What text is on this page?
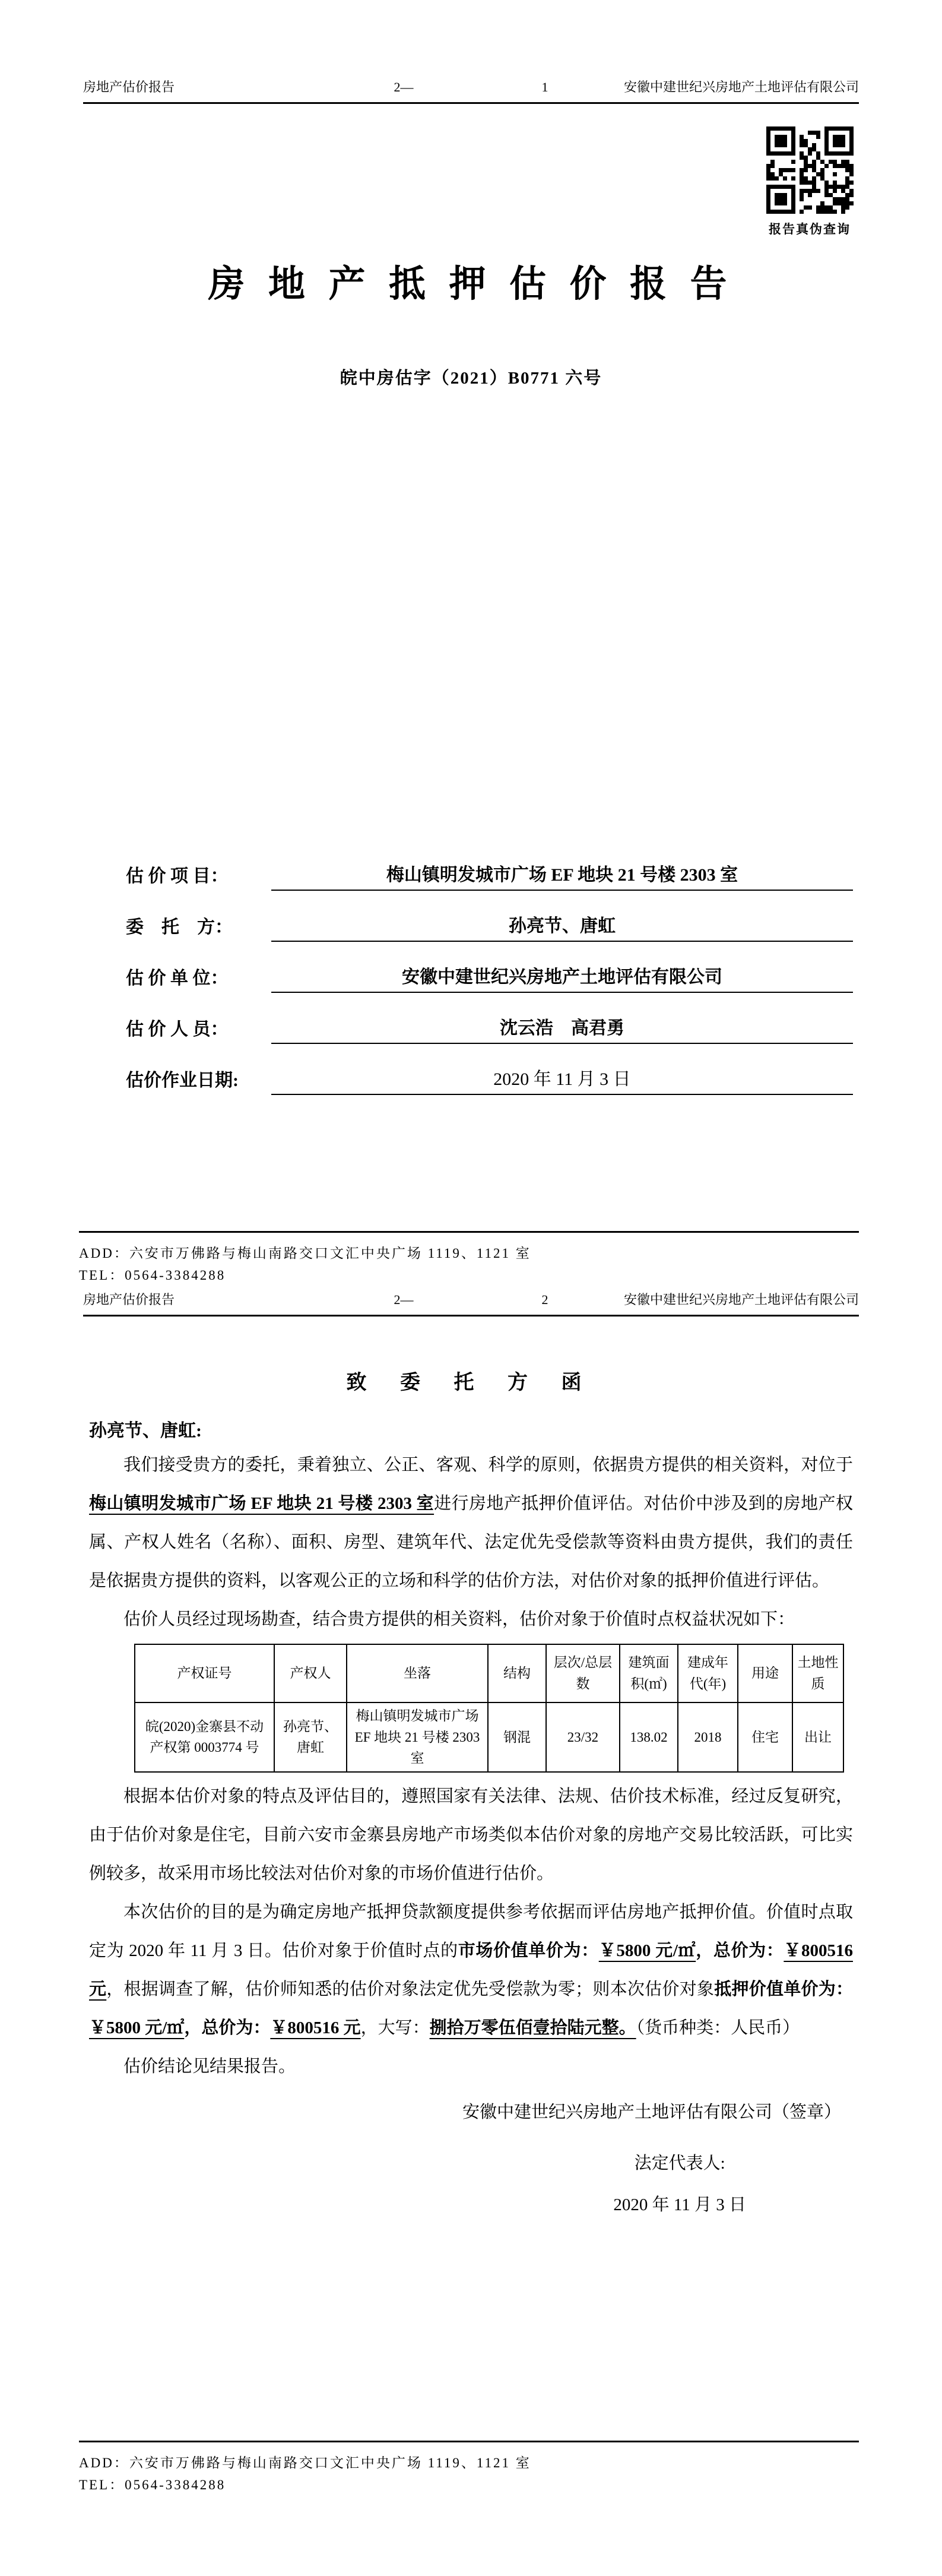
房地产估价报告	2—	1	安徽中建世纪兴房地产土地评估有限公司
报告真伪查询
房 地 产 抵 押 估 价 报 告
皖中房估字（2021）B0771 六号
估 价 项 目：	梅山镇明发城市广场 EF 地块 21 号楼 2303 室
委　托　方：	孙亮节、唐虹
估 价 单 位：	安徽中建世纪兴房地产土地评估有限公司
估 价 人 员：	沈云浩　高君勇
估价作业日期:	2020 年 11 月 3 日
ADD：六安市万佛路与梅山南路交口文汇中央广场 1119、1121 室
TEL：0564-3384288
房地产估价报告	2—	2	安徽中建世纪兴房地产土地评估有限公司
致 委 托 方 函

孙亮节、唐虹:

我们接受贵方的委托，秉着独立、公正、客观、科学的原则，依据贵方提供的相关资料，对位于梅山镇明发城市广场 EF 地块 21 号楼 2303 室进行房地产抵押价值评估。对估价中涉及到的房地产权属、产权人姓名（名称）、面积、房型、建筑年代、法定优先受偿款等资料由贵方提供，我们的责任是依据贵方提供的资料，以客观公正的立场和科学的估价方法，对估价对象的抵押价值进行评估。

估价人员经过现场勘查，结合贵方提供的相关资料，估价对象于价值时点权益状况如下：

产权证号	产权人	坐落	结构	层次/总层数	建筑面积(㎡)	建成年代(年)	用途	土地性质
皖(2020)金寨县不动产权第 0003774 号	孙亮节、唐虹	梅山镇明发城市广场 EF 地块 21 号楼 2303 室	钢混	23/32	138.02	2018	住宅	出让

根据本估价对象的特点及评估目的，遵照国家有关法律、法规、估价技术标准，经过反复研究，由于估价对象是住宅，目前六安市金寨县房地产市场类似本估价对象的房地产交易比较活跃，可比实例较多，故采用市场比较法对估价对象的市场价值进行估价。

本次估价的目的是为确定房地产抵押贷款额度提供参考依据而评估房地产抵押价值。价值时点取定为 2020 年 11 月 3 日。估价对象于价值时点的市场价值单价为：￥5800 元/㎡，总价为：￥800516 元，根据调查了解，估价师知悉的估价对象法定优先受偿款为零；则本次估价对象抵押价值单价为：￥5800 元/㎡，总价为：￥800516 元，大写：捌拾万零伍佰壹拾陆元整。（货币种类：人民币）

估价结论见结果报告。

安徽中建世纪兴房地产土地评估有限公司（签章）

法定代表人:
2020 年 11 月 3 日
ADD：六安市万佛路与梅山南路交口文汇中央广场 1119、1121 室
TEL：0564-3384288
